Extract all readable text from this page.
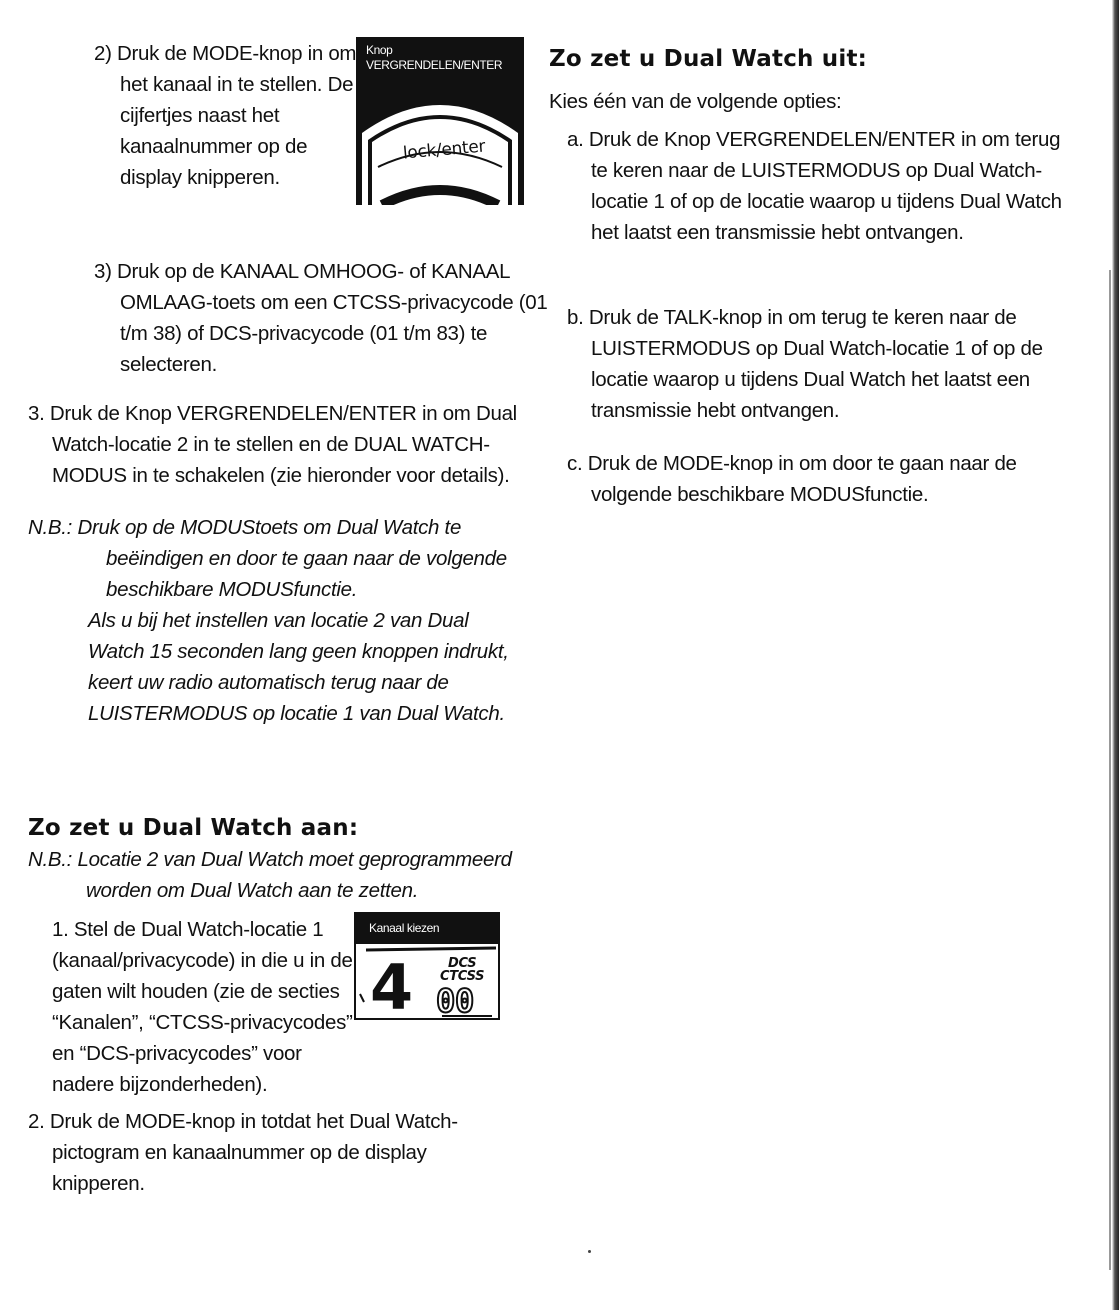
2) Druk de MODE-knop in om het kanaal in te stellen. De cijfertjes naast het kanaalnummer op de display knipperen.

3) Druk op de KANAAL OMHOOG- of KANAAL OMLAAG-toets om een CTCSS-privacycode (01 t/m 38) of DCS-privacycode (01 t/m 83) te selecteren.

3. Druk de Knop VERGRENDELEN/ENTER in om Dual Watch-locatie 2 in te stellen en de DUAL WATCH-MODUS in te schakelen (zie hieronder voor details).

N.B.: Druk op de MODUStoets om Dual Watch te beëindigen en door te gaan naar de volgende beschikbare MODUSfunctie.
Als u bij het instellen van locatie 2 van Dual Watch 15 seconden lang geen knoppen indrukt, keert uw radio automatisch terug naar de LUISTERMODUS op locatie 1 van Dual Watch.
Zo zet u Dual Watch aan:
N.B.: Locatie 2 van Dual Watch moet geprogrammeerd worden om Dual Watch aan te zetten.

1. Stel de Dual Watch-locatie 1 (kanaal/privacycode) in die u in de gaten wilt houden (zie de secties “Kanalen”, “CTCSS-privacycodes” en “DCS-privacycodes” voor nadere bijzonderheden).

2. Druk de MODE-knop in totdat het Dual Watch-pictogram en kanaalnummer op de display knipperen.

Knop
VERGRENDELEN/ENTER
lock/enter
Kanaal kiezen
4	DCS
CTCSS
00
Zo zet u Dual Watch uit:

Kies één van de volgende opties:

a. Druk de Knop VERGRENDELEN/ENTER in om terug te keren naar de LUISTERMODUS op Dual Watch-locatie 1 of op de locatie waarop u tijdens Dual Watch het laatst een transmissie hebt ontvangen.

b. Druk de TALK-knop in om terug te keren naar de LUISTERMODUS op Dual Watch-locatie 1 of op de locatie waarop u tijdens Dual Watch het laatst een transmissie hebt ontvangen.

c. Druk de MODE-knop in om door te gaan naar de volgende beschikbare MODUSfunctie.
